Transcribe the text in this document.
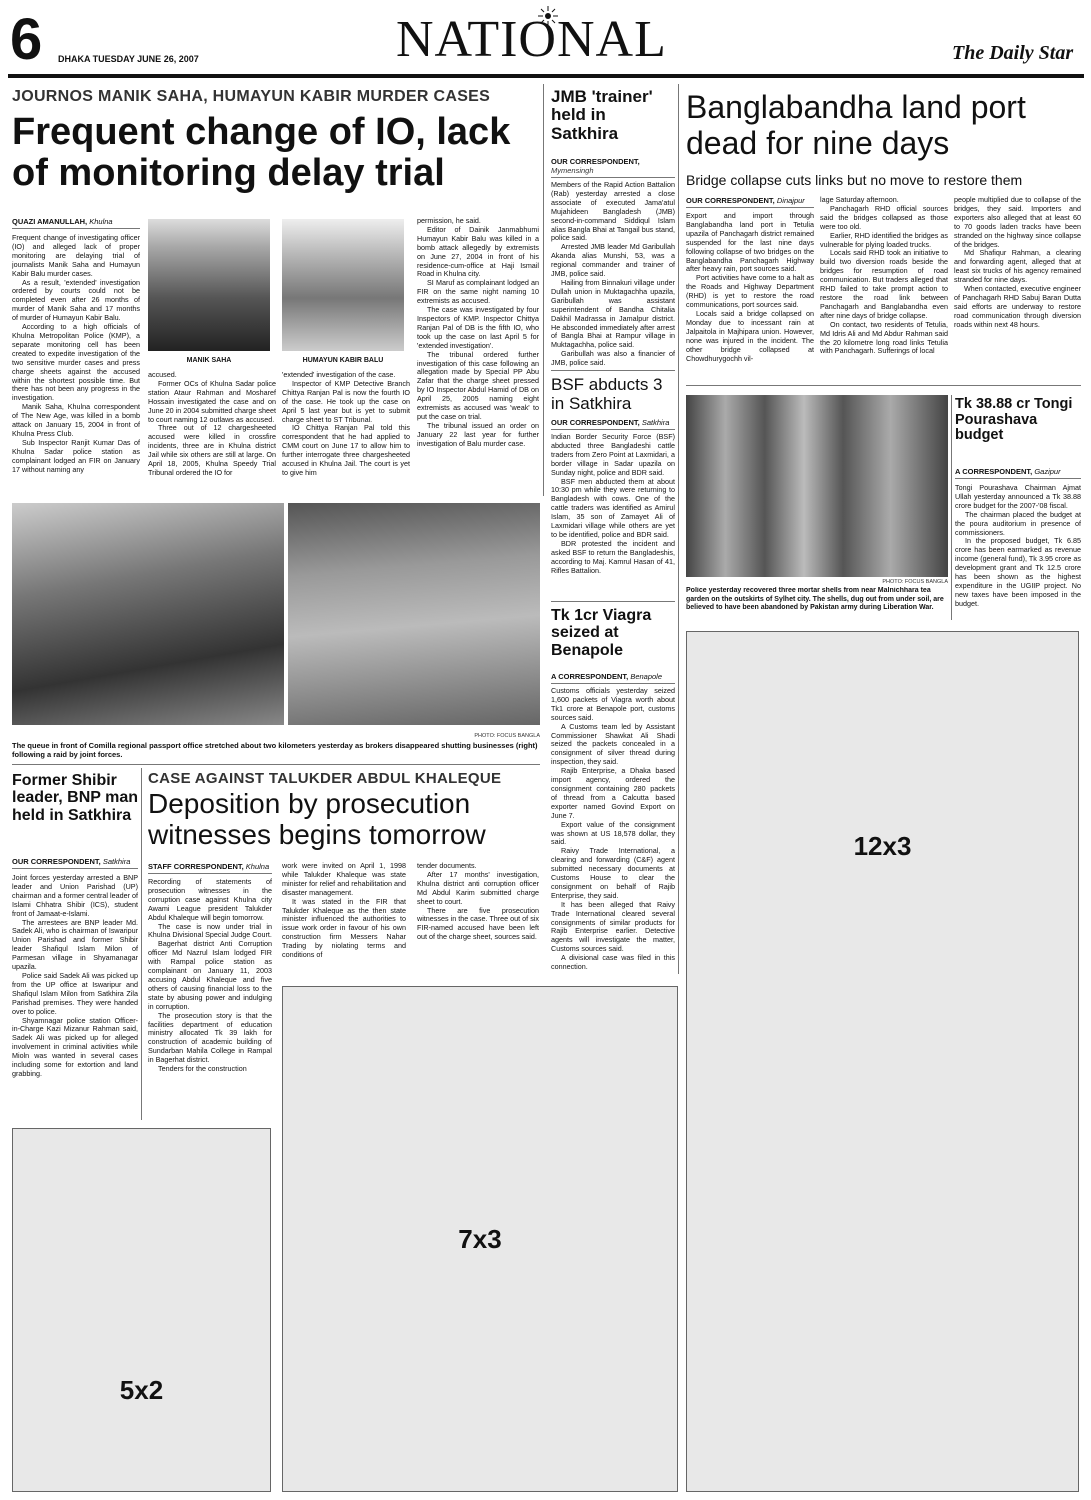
6 DHAKA TUESDAY JUNE 26, 2007	NATIONAL	The Daily Star
JOURNOS MANIK SAHA, HUMAYUN KABIR MURDER CASES
Frequent change of IO, lack of monitoring delay trial
QUAZI AMANULLAH, Khulna

Frequent change of investigating officer (IO) and alleged lack of proper monitoring are delaying trial of journalists Manik Saha and Humayun Kabir Balu murder cases.

As a result, 'extended' investigation ordered by courts could not be completed even after 26 months of murder of Manik Saha and 17 months of murder of Humayun Kabir Balu.

According to a high officials of Khulna Metropolitan Police (KMP), a separate monitoring cell has been created to expedite investigation of the two sensitive murder cases and press charge sheets against the accused within the shortest possible time. But there has not been any progress in the investigation.

Manik Saha, Khulna correspondent of The New Age, was killed in a bomb attack on January 15, 2004 in front of Khulna Press Club.

Sub Inspector Ranjit Kumar Das of Khulna Sadar police station as complainant lodged an FIR on January 17 without naming any

MANIK SAHA	HUMAYUN KABIR BALU

accused.

Former OCs of Khulna Sadar police station Ataur Rahman and Mosharef Hossain investigated the case and on June 20 in 2004 submitted charge sheet to court naming 12 outlaws as accused.

Three out of 12 chargesheeted accused were killed in crossfire incidents, three are in Khulna district Jail while six others are still at large. On April 18, 2005, Khulna Speedy Trial Tribunal ordered the IO for

'extended' investigation of the case.

Inspector of KMP Detective Branch Chittya Ranjan Pal is now the fourth IO of the case. He took up the case on April 5 last year but is yet to submit charge sheet to ST Tribunal.

IO Chittya Ranjan Pal told this correspondent that he had applied to CMM court on June 17 to allow him to further interrogate three chargesheeted accused in Khulna Jail. The court is yet to give him

permission, he said.

Editor of Dainik Janmabhumi Humayun Kabir Balu was killed in a bomb attack allegedly by extremists on June 27, 2004 in front of his residence-cum-office at Haji Ismail Road in Khulna city.

SI Maruf as complainant lodged an FIR on the same night naming 10 extremists as accused.

The case was investigated by four Inspectors of KMP. Inspector Chittya Ranjan Pal of DB is the fifth IO, who took up the case on last April 5 for 'extended investigation'.

The tribunal ordered further investigation of this case following an allegation made by Special PP Abu Zafar that the charge sheet pressed by IO Inspector Abdul Hamid of DB on April 25, 2005 naming eight extremists as accused was 'weak' to put the case on trial.

The tribunal issued an order on January 22 last year for further investigation of Balu murder case.

PHOTO: FOCUS BANGLA
The queue in front of Comilla regional passport office stretched about two kilometers yesterday as brokers disappeared shutting businesses (right) following a raid by joint forces.
JMB 'trainer' held in Satkhira
OUR CORRESPONDENT,
Mymensingh

Members of the Rapid Action Battalion (Rab) yesterday arrested a close associate of executed Jama'atul Mujahideen Bangladesh (JMB) second-in-command Siddiqul Islam alias Bangla Bhai at Tangail bus stand, police said.

Arrested JMB leader Md Garibullah Akanda alias Munshi, 53, was a regional commander and trainer of JMB, police said.

Hailing from Binnakuri village under Dullah union in Muktagachha upazila, Garibullah was assistant superintendent of Bandha Chitalia Dakhil Madrassa in Jamalpur district. He absconded immediately after arrest of Bangla Bhai at Rampur village in Muktagachha, police said.

Garibullah was also a financier of JMB, police said.

BSF abducts 3 in Satkhira
OUR CORRESPONDENT, Satkhira

Indian Border Security Force (BSF) abducted three Bangladeshi cattle traders from Zero Point at Laxmidari, a border village in Sadar upazila on Sunday night, police and BDR said.

BSF men abducted them at about 10:30 pm while they were returning to Bangladesh with cows. One of the cattle traders was identified as Amirul Islam, 35 son of Zamayet Ali of Laxmidari village while others are yet to be identified, police and BDR said.

BDR protested the incident and asked BSF to return the Bangladeshis, according to Maj. Kamrul Hasan of 41, Rifles Battalion.

Tk 1cr Viagra seized at Benapole
A CORRESPONDENT, Benapole

Customs officials yesterday seized 1,600 packets of Viagra worth about Tk1 crore at Benapole port, customs sources said.

A Customs team led by Assistant Commissioner Shawkat Ali Shadi seized the packets concealed in a consignment of silver thread during inspection, they said.

Rajib Enterprise, a Dhaka based import agency, ordered the consignment containing 280 packets of thread from a Calcutta based exporter named Govind Export on June 7.

Export value of the consignment was shown at US 18,578 dollar, they said.

Raivy Trade International, a clearing and forwarding (C&F) agent submitted necessary documents at Customs House to clear the consignment on behalf of Rajib Enterprise, they said.

It has been alleged that Raivy Trade International cleared several consignments of similar products for Rajib Enterprise earlier. Detective agents will investigate the matter, Customs sources said.

A divisional case was filed in this connection.

Banglabandha land port dead for nine days
Bridge collapse cuts links but no move to restore them
OUR CORRESPONDENT, Dinajpur

Export and import through Banglabandha land port in Tetulia upazila of Panchagarh district remained suspended for the last nine days following collapse of two bridges on the Banglabandha Panchagarh Highway after heavy rain, port sources said.

Port activities have come to a halt as the Roads and Highway Department (RHD) is yet to restore the road communications, port sources said.

Locals said a bridge collapsed on Monday due to incessant rain at Jalpaitola in Majhipara union. However, none was injured in the incident. The other bridge collapsed at Chowdhurygochh vil-

lage Saturday afternoon.

Panchagarh RHD official sources said the bridges collapsed as those were too old.

Earlier, RHD identified the bridges as vulnerable for plying loaded trucks.

Locals said RHD took an initiative to build two diversion roads beside the bridges for resumption of road communication. But traders alleged that RHD failed to take prompt action to restore the road link between Panchagarh and Banglabandha even after nine days of bridge collapse.

On contact, two residents of Tetulia, Md Idris Ali and Md Abdur Rahman said the 20 kilometre long road links Tetulia with Panchagarh. Sufferings of local

people multiplied due to collapse of the bridges, they said. Importers and exporters also alleged that at least 60 to 70 goods laden tracks have been stranded on the highway since collapse of the bridges.

Md Shafiqur Rahman, a clearing and forwarding agent, alleged that at least six trucks of his agency remained stranded for nine days.

When contacted, executive engineer of Panchagarh RHD Sabuj Baran Dutta said efforts are underway to restore road communication through diversion roads within next 48 hours.

PHOTO: FOCUS BANGLA
Police yesterday recovered three mortar shells from near Malnichhara tea garden on the outskirts of Sylhet city. The shells, dug out from under soil, are believed to have been abandoned by Pakistan army during Liberation War.
Tk 38.88 cr Tongi Pourashava budget
A CORRESPONDENT, Gazipur

Tongi Pourashava Chairman Ajmat Ullah yesterday announced a Tk 38.88 crore budget for the 2007-'08 fiscal.

The chairman placed the budget at the poura auditorium in presence of commissioners.

In the proposed budget, Tk 6.85 crore has been earmarked as revenue income (general fund), Tk 3.95 crore as development grant and Tk 12.5 crore has been shown as the highest expenditure in the UGIIP project. No new taxes have been imposed in the budget.

Former Shibir leader, BNP man held in Satkhira
OUR CORRESPONDENT, Satkhira

Joint forces yesterday arrested a BNP leader and Union Parishad (UP) chairman and a former central leader of Islami Chhatra Shibir (ICS), student front of Jamaat-e-Islami.

The arrestees are BNP leader Md. Sadek Ali, who is chairman of Iswaripur Union Parishad and former Shibir leader Shafiqul Islam Milon of Parmesan village in Shyamanagar upazila.

Police said Sadek Ali was picked up from the UP office at Iswaripur and Shafiqul Islam Milon from Satkhira Zila Parishad premises. They were handed over to police.

Shyamnagar police station Officer-in-Charge Kazi Mizanur Rahman said, Sadek Ali was picked up for alleged involvement in criminal activities while Mioln was wanted in several cases including some for extortion and land grabbing.

CASE AGAINST TALUKDER ABDUL KHALEQUE
Deposition by prosecution witnesses begins tomorrow
STAFF CORRESPONDENT, Khulna

Recording of statements of prosecution witnesses in the corruption case against Khulna city Awami League president Talukder Abdul Khaleque will begin tomorrow.

The case is now under trial in Khulna Divisional Special Judge Court.

Bagerhat district Anti Corruption officer Md Nazrul Islam lodged FIR with Rampal police station as complainant on January 11, 2003 accusing Abdul Khaleque and five others of causing financial loss to the state by abusing power and indulging in corruption.

The prosecution story is that the facilities department of education ministry allocated Tk 39 lakh for construction of academic building of Sundarban Mahila College in Rampal in Bagerhat district.

Tenders for the construction

work were invited on April 1, 1998 while Talukder Khaleque was state minister for relief and rehabilitation and disaster management.

It was stated in the FIR that Talukder Khaleque as the then state minister influenced the authorities to issue work order in favour of his own construction firm Messers Nahar Trading by niolating terms and conditions of

tender documents.

After 17 months' investigation, Khulna district anti corruption officer Md Abdul Karim submitted charge sheet to court.

There are five prosecution witnesses in the case. Three out of six FIR-named accused have been left out of the charge sheet, sources said.

5x2
7x3
12x3
